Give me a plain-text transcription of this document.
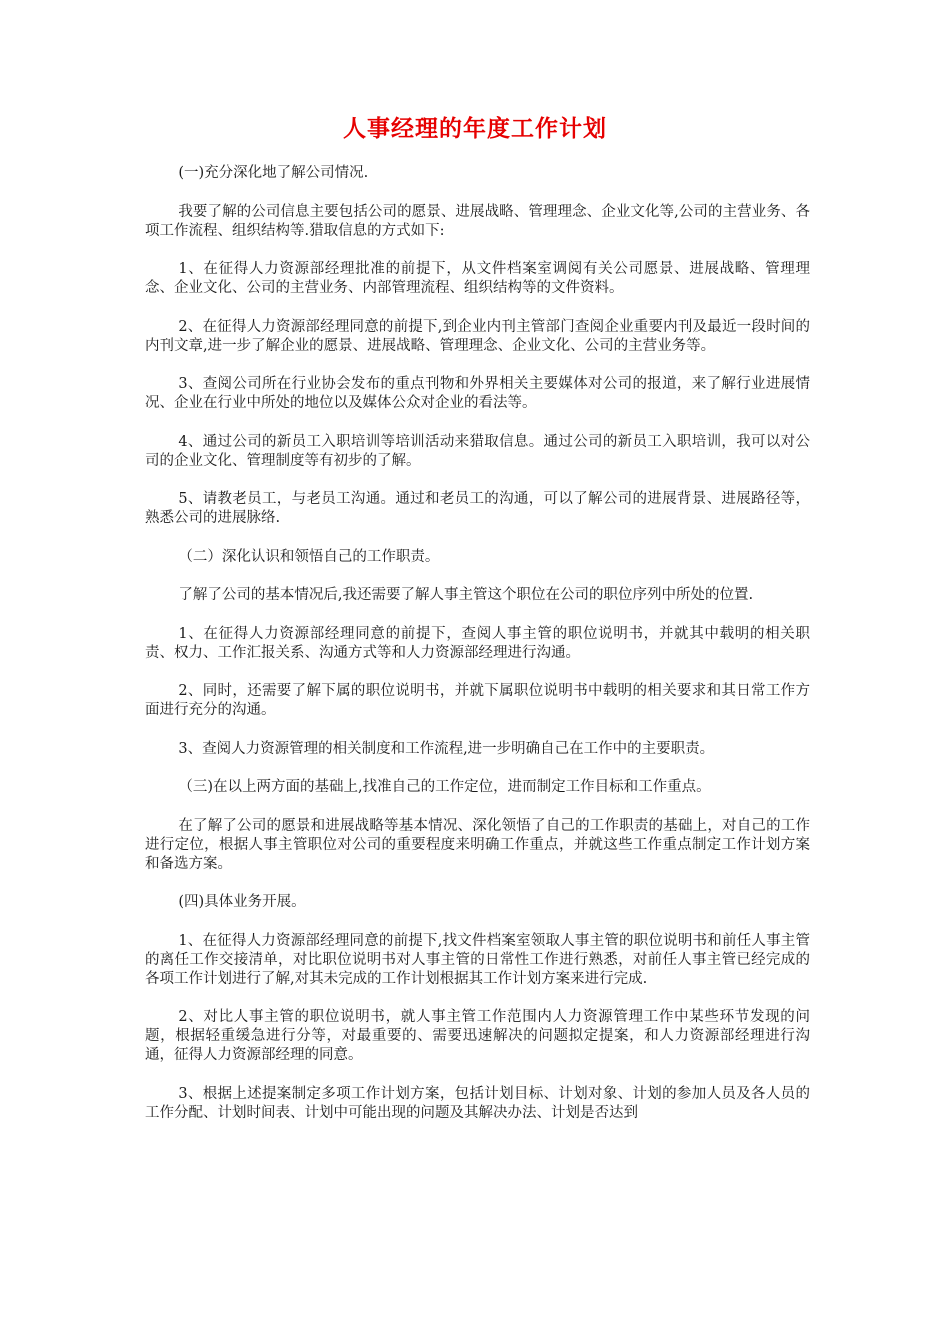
人事经理的年度工作计划

(一)充分深化地了解公司情况.

我要了解的公司信息主要包括公司的愿景、进展战略、管理理念、企业文化等,公司的主营业务、各项工作流程、组织结构等.猎取信息的方式如下:

1、在征得人力资源部经理批准的前提下，从文件档案室调阅有关公司愿景、进展战略、管理理念、企业文化、公司的主营业务、内部管理流程、组织结构等的文件资料。

2、在征得人力资源部经理同意的前提下,到企业内刊主管部门查阅企业重要内刊及最近一段时间的内刊文章,进一步了解企业的愿景、进展战略、管理理念、企业文化、公司的主营业务等。

3、查阅公司所在行业协会发布的重点刊物和外界相关主要媒体对公司的报道，来了解行业进展情况、企业在行业中所处的地位以及媒体公众对企业的看法等。

4、通过公司的新员工入职培训等培训活动来猎取信息。通过公司的新员工入职培训，我可以对公司的企业文化、管理制度等有初步的了解。

5、请教老员工，与老员工沟通。通过和老员工的沟通，可以了解公司的进展背景、进展路径等，熟悉公司的进展脉络.

（二）深化认识和领悟自己的工作职责。

了解了公司的基本情况后,我还需要了解人事主管这个职位在公司的职位序列中所处的位置.

1、在征得人力资源部经理同意的前提下，查阅人事主管的职位说明书，并就其中载明的相关职责、权力、工作汇报关系、沟通方式等和人力资源部经理进行沟通。

2、同时，还需要了解下属的职位说明书，并就下属职位说明书中载明的相关要求和其日常工作方面进行充分的沟通。

3、查阅人力资源管理的相关制度和工作流程,进一步明确自己在工作中的主要职责。

（三)在以上两方面的基础上,找准自己的工作定位，进而制定工作目标和工作重点。

在了解了公司的愿景和进展战略等基本情况、深化领悟了自己的工作职责的基础上，对自己的工作进行定位，根据人事主管职位对公司的重要程度来明确工作重点，并就这些工作重点制定工作计划方案和备选方案。

(四)具体业务开展。

1、在征得人力资源部经理同意的前提下,找文件档案室领取人事主管的职位说明书和前任人事主管的离任工作交接清单，对比职位说明书对人事主管的日常性工作进行熟悉，对前任人事主管已经完成的各项工作计划进行了解,对其未完成的工作计划根据其工作计划方案来进行完成.

2、对比人事主管的职位说明书，就人事主管工作范围内人力资源管理工作中某些环节发现的问题，根据轻重缓急进行分等，对最重要的、需要迅速解决的问题拟定提案，和人力资源部经理进行沟通，征得人力资源部经理的同意。

3、根据上述提案制定多项工作计划方案，包括计划目标、计划对象、计划的参加人员及各人员的工作分配、计划时间表、计划中可能出现的问题及其解决办法、计划是否达到
